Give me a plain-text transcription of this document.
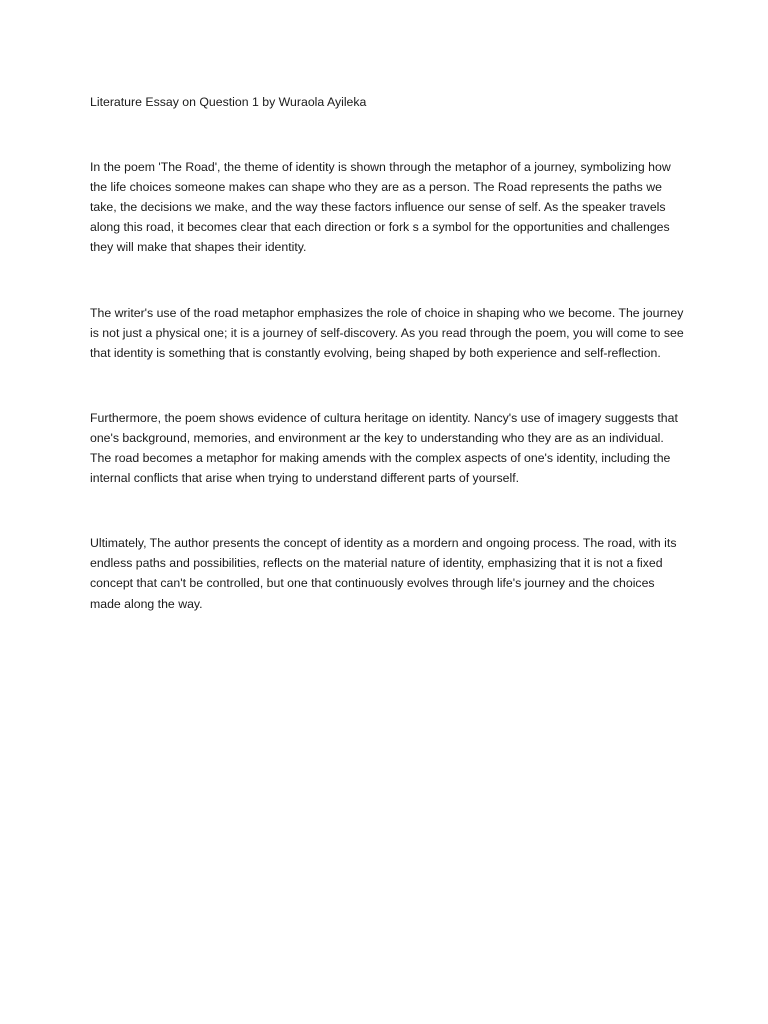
Literature Essay on Question 1 by Wuraola Ayileka

In the poem 'The Road', the theme of identity is shown through the metaphor of a journey, symbolizing how the life choices someone makes can shape who they are as a person. The Road represents the paths we take, the decisions we make, and the way these factors influence our sense of self. As the speaker travels along this road, it becomes clear that each direction or fork s a symbol for the opportunities and challenges they will make that shapes their identity.

The writer's use of the road metaphor emphasizes the role of choice in shaping who we become. The journey is not just a physical one; it is a journey of self-discovery. As you read through the poem, you will come to see that identity is something that is constantly evolving, being shaped by both experience and self-reflection.

Furthermore, the poem shows evidence of cultura heritage on identity. Nancy's use of imagery suggests that one's background, memories, and environment ar the key to understanding who they are as an individual. The road becomes a metaphor for making amends with the complex aspects of one's identity, including the internal conflicts that arise when trying to understand different parts of yourself.

Ultimately, The author presents the concept of identity as a mordern and ongoing process. The road, with its endless paths and possibilities, reflects on the material nature of identity, emphasizing that it is not a fixed concept that can't be controlled, but one that continuously evolves through life's journey and the choices made along the way.
